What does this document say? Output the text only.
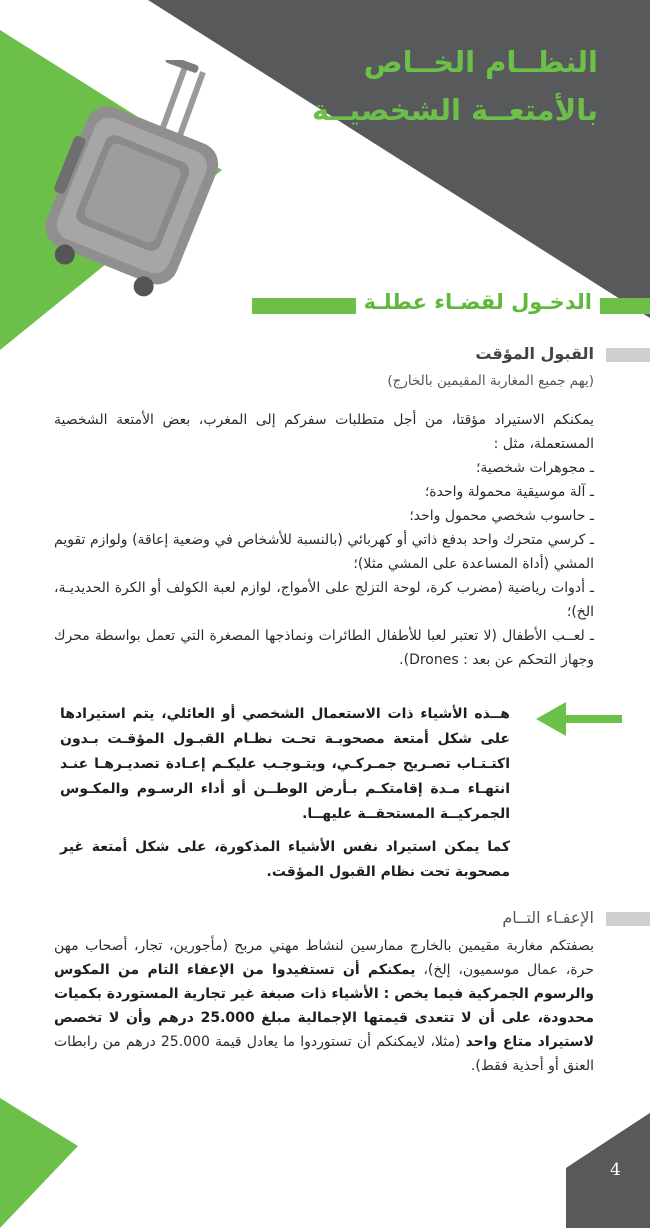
النظــام الخــاص
بالأمتعــة الشخصيــة
الدخـول لقضـاء عطلـة
القبول المؤقت
(يهم جميع المغاربة المقيمين بالخارج)

يمكنكم الاستيراد مؤقتا، من أجل متطلبات سفركم إلى المغرب، بعض الأمتعة الشخصية المستعملة، مثل :

ـ مجوهرات شخصية؛
ـ آلة موسيقية محمولة واحدة؛
ـ حاسوب شخصي محمول واحد؛
ـ كرسي متحرك واحد بدفع ذاتي أو كهربائي (بالنسبة للأشخاص في وضعية إعاقة) ولوازم تقويم المشي (أداة المساعدة على المشي مثلا)؛
ـ أدوات رياضية (مضرب كرة، لوحة التزلج على الأمواج، لوازم لعبة الكولف أو الكرة الحديديـة، الخ)؛
ـ لعــب الأطفال (لا تعتبر لعبا للأطفال الطائرات ونماذجها المصغرة التي تعمل بواسطة محرك وجهاز التحكم عن بعد : Drones).

هــذه الأشياء ذات الاستعمال الشخصي أو العائلي، يتم استيرادها على شكل أمتعة مصحوبـة تحـت نظـام القبـول المؤقـت بـدون اكتـتـاب تصـريح جمـركـي، ويتـوجـب عليكـم إعـادة تصديـرهـا عنـد انتهـاء مـدة إقامتكـم بـأرض الوطــن أو أداء الرسـوم والمكـوس الجمركيــة المستحقــة عليهــا.

كما يمكن استيراد نفس الأشياء المذكورة، على شكل أمتعة غير مصحوبة تحت نظام القبول المؤقت.

الإعفـاء التــام
بصفتكم مغاربة مقيمين بالخارج ممارسين لنشاط مهني مربح (مأجورين، تجار، أصحاب مهن حرة، عمال موسميون، إلخ)، يمكنكم أن تستفيدوا من الإعفاء التام من المكوس والرسوم الجمركية فيما يخص : الأشياء ذات صبغة غير تجارية المستوردة بكميات محدودة، على أن لا تتعدى قيمتها الإجمالية مبلغ 25.000 درهم وأن لا تخصص لاستيراد متاع واحد (مثلا، لايمكنكم أن تستوردوا ما يعادل قيمة 25.000 درهم من رابطات العنق أو أحذية فقط).
4
